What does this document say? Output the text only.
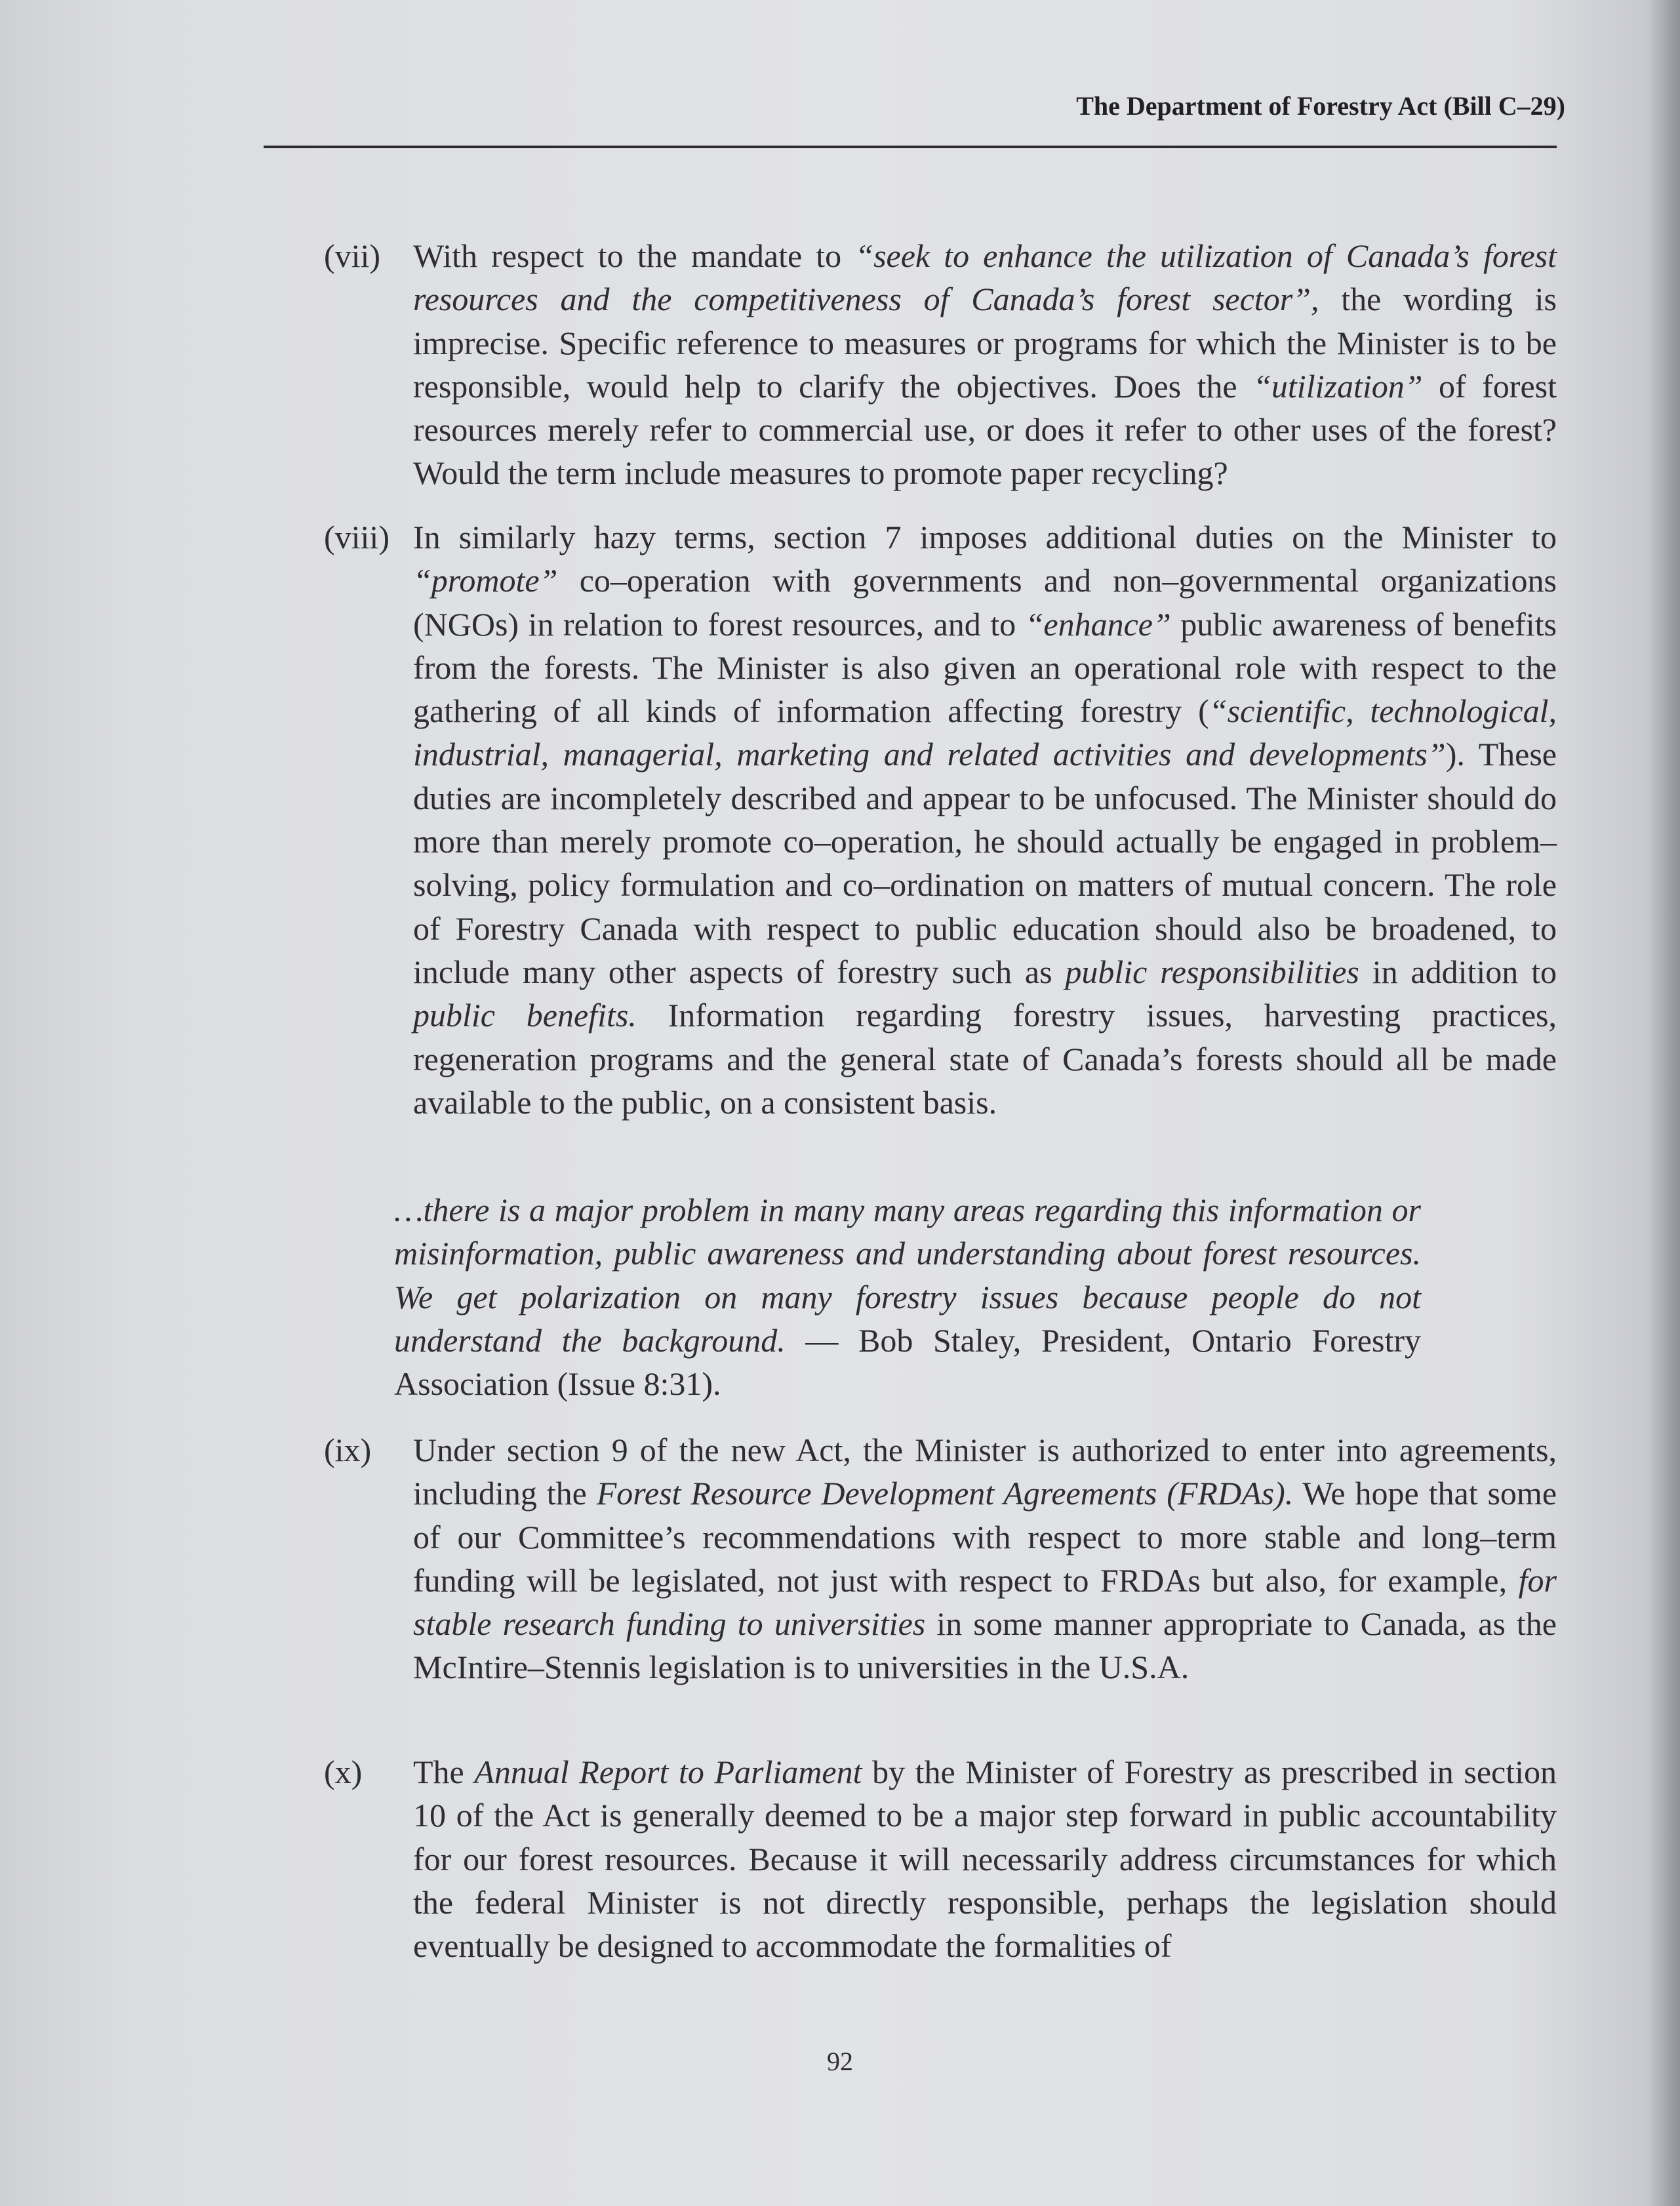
The Department of Forestry Act (Bill C–29)
(vii) With respect to the mandate to “seek to enhance the utilization of Canada’s forest resources and the competitiveness of Canada’s forest sector”, the wording is imprecise. Specific reference to measures or programs for which the Minister is to be responsible, would help to clarify the objectives. Does the “utilization” of forest resources merely refer to commercial use, or does it refer to other uses of the forest? Would the term include measures to promote paper recycling?
(viii) In similarly hazy terms, section 7 imposes additional duties on the Minister to “promote” co–operation with governments and non–governmental organizations (NGOs) in relation to forest resources, and to “enhance” public awareness of benefits from the forests. The Minister is also given an operational role with respect to the gathering of all kinds of information affecting forestry (“scientific, technological, industrial, managerial, marketing and related activities and developments”). These duties are incompletely described and appear to be unfocused. The Minister should do more than merely promote co–operation, he should actually be engaged in problem–solving, policy formulation and co–ordination on matters of mutual concern. The role of Forestry Canada with respect to public education should also be broadened, to include many other aspects of forestry such as public responsibilities in addition to public benefits. Information regarding forestry issues, harvesting practices, regeneration programs and the general state of Canada’s forests should all be made available to the public, on a consistent basis.
…there is a major problem in many many areas regarding this information or misinformation, public awareness and understanding about forest resources. We get polarization on many forestry issues because people do not understand the background. — Bob Staley, President, Ontario Forestry Association (Issue 8:31).
(ix) Under section 9 of the new Act, the Minister is authorized to enter into agreements, including the Forest Resource Development Agreements (FRDAs). We hope that some of our Committee’s recommendations with respect to more stable and long–term funding will be legislated, not just with respect to FRDAs but also, for example, for stable research funding to universities in some manner appropriate to Canada, as the McIntire–Stennis legislation is to universities in the U.S.A.
(x) The Annual Report to Parliament by the Minister of Forestry as prescribed in section 10 of the Act is generally deemed to be a major step forward in public accountability for our forest resources. Because it will necessarily address circumstances for which the federal Minister is not directly responsible, perhaps the legislation should eventually be designed to accommodate the formalities of
92
